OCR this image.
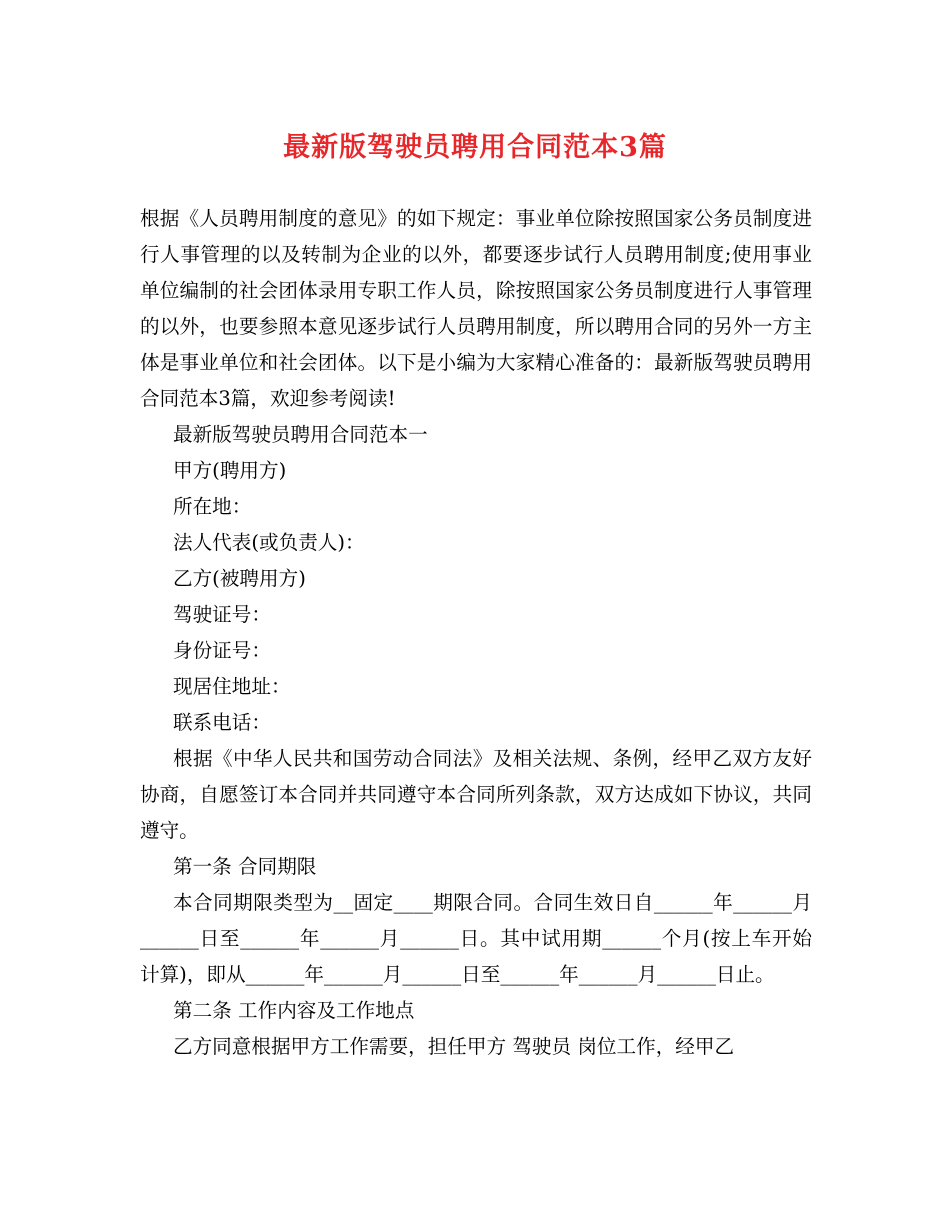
最新版驾驶员聘用合同范本3篇

根据《人员聘用制度的意见》的如下规定：事业单位除按照国家公务员制度进行人事管理的以及转制为企业的以外，都要逐步试行人员聘用制度;使用事业单位编制的社会团体录用专职工作人员，除按照国家公务员制度进行人事管理的以外，也要参照本意见逐步试行人员聘用制度，所以聘用合同的另外一方主体是事业单位和社会团体。以下是小编为大家精心准备的：最新版驾驶员聘用合同范本3篇，欢迎参考阅读!

最新版驾驶员聘用合同范本一

甲方(聘用方)

所在地：

法人代表(或负责人)：

乙方(被聘用方)

驾驶证号：

身份证号：

现居住地址：

联系电话：

根据《中华人民共和国劳动合同法》及相关法规、条例，经甲乙双方友好协商，自愿签订本合同并共同遵守本合同所列条款，双方达成如下协议，共同遵守。

第一条 合同期限

本合同期限类型为__固定____期限合同。合同生效日自______年______月______日至______年______月______日。其中试用期______个月(按上车开始计算)，即从______年______月______日至______年______月______日止。

第二条 工作内容及工作地点

乙方同意根据甲方工作需要，担任甲方 驾驶员 岗位工作，经甲乙
